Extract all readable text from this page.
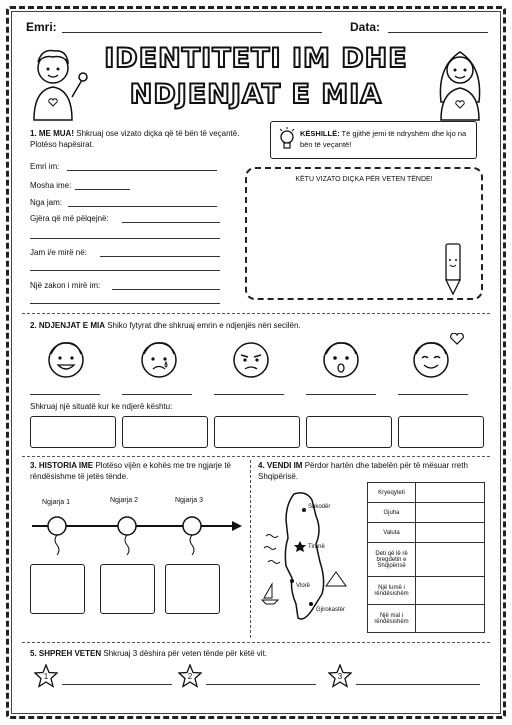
Emri:	Data:
IDENTITETI IM DHE
NDJENJAT E MIA
1. ME MUA! Shkruaj ose vizato diçka që të bën të veçantë. Plotëso hapësirat.
Emri im:
Mosha ime:
Nga jam:
Gjëra që më pëlqejnë:
Jam i/e mirë në:
Një zakon i mirë im:
KËSHILLË: Të gjithë jemi të ndryshëm dhe kjo na bën të veçantë!
KËTU VIZATO DIÇKA PËR VETEN TËNDE!
2. NDJENJAT E MIA Shiko fytyrat dhe shkruaj emrin e ndjenjës nën secilën.
Shkruaj një situatë kur ke ndjerë kështu:
3. HISTORIA IME Plotëso vijën e kohës me tre ngjarje të rëndësishme të jetës tënde.
Ngjarja 1	Ngjarja 2	Ngjarja 3
4. VENDI IM Përdor hartën dhe tabelën për të mësuar rreth Shqipërisë.
Shkodër
Tiranë
Vlorë
Gjirokastër
Kryeqyteti	
Gjuha	
Valuta	
Deti që lë rë bregdetin e Shqipërisë	
Një lumë i rëndësishëm	
Një mal i rëndësishëm	
5. SHPREH VETEN Shkruaj 3 dëshira për veten tënde për këtë vit.
1	2	3
